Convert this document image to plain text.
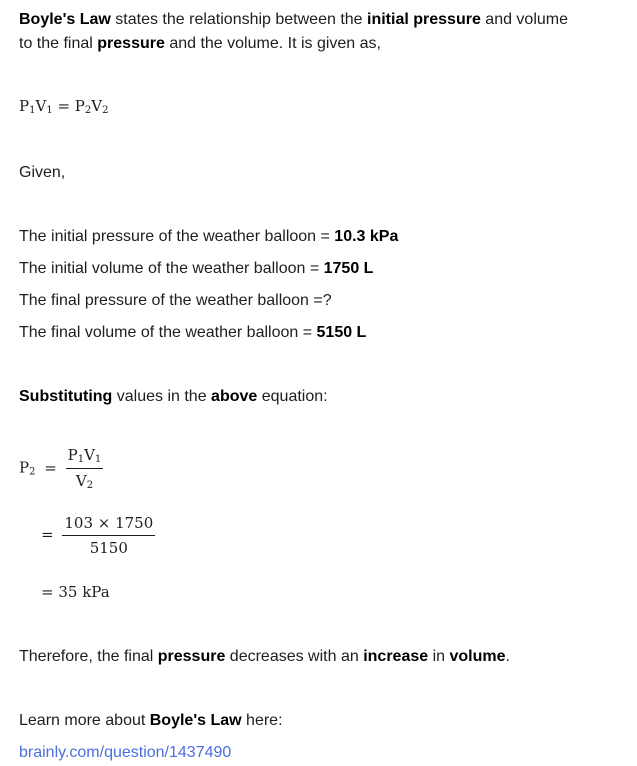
Boyle's Law states the relationship between the initial pressure and volume
to the final pressure and the volume. It is given as,

$P_1V_1 = P_2V_2$

Given,

The initial pressure of the weather balloon = 10.3 kPa

The initial volume of the weather balloon = 1750 L

The final pressure of the weather balloon =?

The final volume of the weather balloon = 5150 L

Substituting values in the above equation:

$P_2 = \frac{P_1V_1}{V_2}$
= $\frac{103 \times 1750}{5150}$
= 35 kPa

Therefore, the final pressure decreases with an increase in volume.

Learn more about Boyle's Law here:

brainly.com/question/1437490
